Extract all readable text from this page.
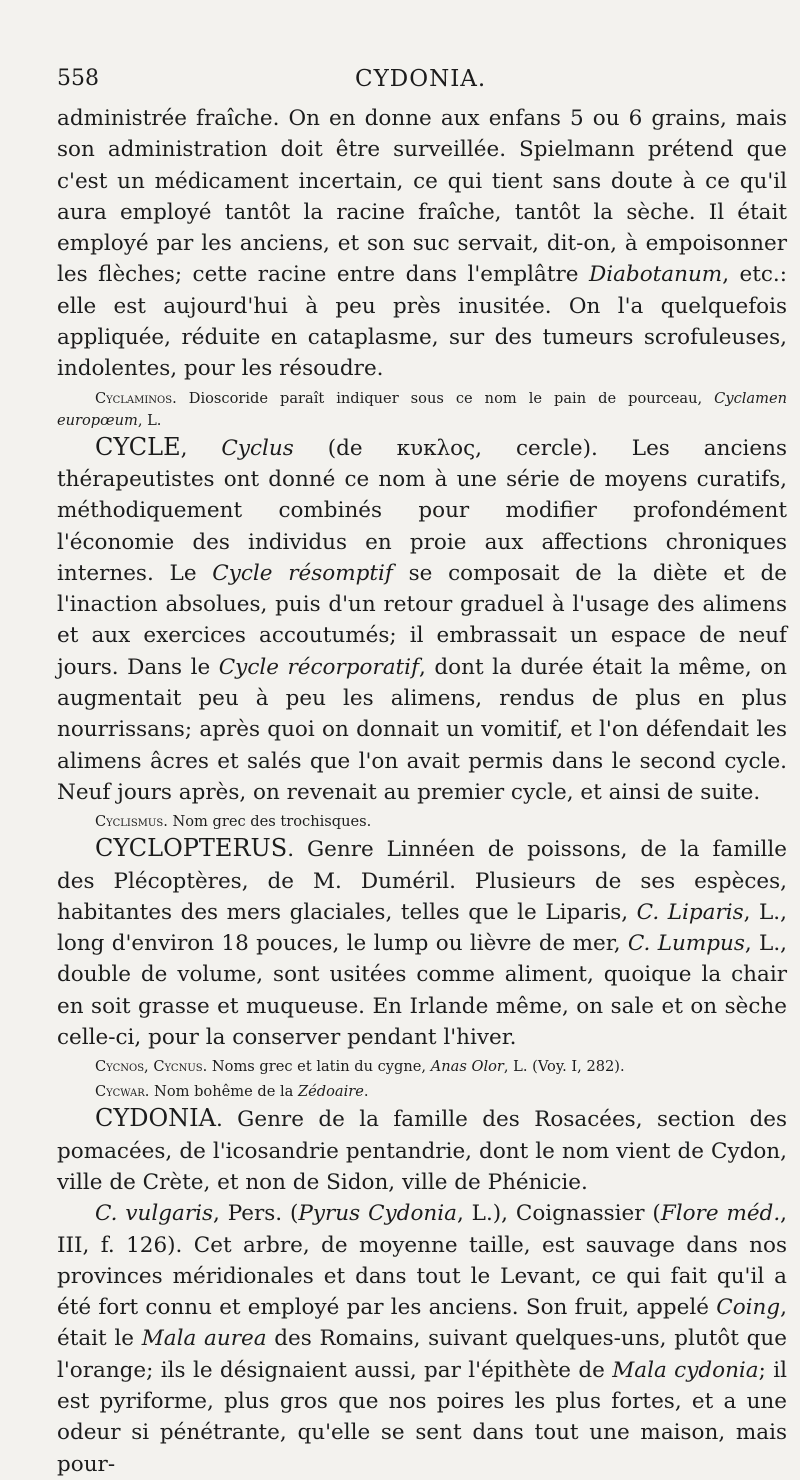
558	CYDONIA.

administrée fraîche. On en donne aux enfans 5 ou 6 grains, mais son administration doit être surveillée. Spielmann prétend que c'est un médicament incertain, ce qui tient sans doute à ce qu'il aura employé tantôt la racine fraîche, tantôt la sèche. Il était employé par les anciens, et son suc servait, dit-on, à empoisonner les flèches; cette racine entre dans l'emplâtre Diabotanum, etc.: elle est aujourd'hui à peu près inusitée. On l'a quelquefois appliquée, réduite en cataplasme, sur des tumeurs scrofuleuses, indolentes, pour les résoudre.

Cyclaminos. Dioscoride paraît indiquer sous ce nom le pain de pourceau, Cyclamen europœum, L.

CYCLE, Cyclus (de κυκλος, cercle). Les anciens thérapeutistes ont donné ce nom à une série de moyens curatifs, méthodiquement combinés pour modifier profondément l'économie des individus en proie aux affections chroniques internes. Le Cycle résomptif se composait de la diète et de l'inaction absolues, puis d'un retour graduel à l'usage des alimens et aux exercices accoutumés; il embrassait un espace de neuf jours. Dans le Cycle récorporatif, dont la durée était la même, on augmentait peu à peu les alimens, rendus de plus en plus nourrissans; après quoi on donnait un vomitif, et l'on défendait les alimens âcres et salés que l'on avait permis dans le second cycle. Neuf jours après, on revenait au premier cycle, et ainsi de suite.

Cyclismus. Nom grec des trochisques.

CYCLOPTERUS. Genre Linnéen de poissons, de la famille des Plécoptères, de M. Duméril. Plusieurs de ses espèces, habitantes des mers glaciales, telles que le Liparis, C. Liparis, L., long d'environ 18 pouces, le lump ou lièvre de mer, C. Lumpus, L., double de volume, sont usitées comme aliment, quoique la chair en soit grasse et muqueuse. En Irlande même, on sale et on sèche celle-ci, pour la conserver pendant l'hiver.

Cycnos, Cycnus. Noms grec et latin du cygne, Anas Olor, L. (Voy. I, 282).

Cycwar. Nom bohême de la Zédoaire.

CYDONIA. Genre de la famille des Rosacées, section des pomacées, de l'icosandrie pentandrie, dont le nom vient de Cydon, ville de Crète, et non de Sidon, ville de Phénicie.

C. vulgaris, Pers. (Pyrus Cydonia, L.), Coignassier (Flore méd., III, f. 126). Cet arbre, de moyenne taille, est sauvage dans nos provinces méridionales et dans tout le Levant, ce qui fait qu'il a été fort connu et employé par les anciens. Son fruit, appelé Coing, était le Mala aurea des Romains, suivant quelques-uns, plutôt que l'orange; ils le désignaient aussi, par l'épithète de Mala cydonia; il est pyriforme, plus gros que nos poires les plus fortes, et a une odeur si pénétrante, qu'elle se sent dans tout une maison, mais pour-
